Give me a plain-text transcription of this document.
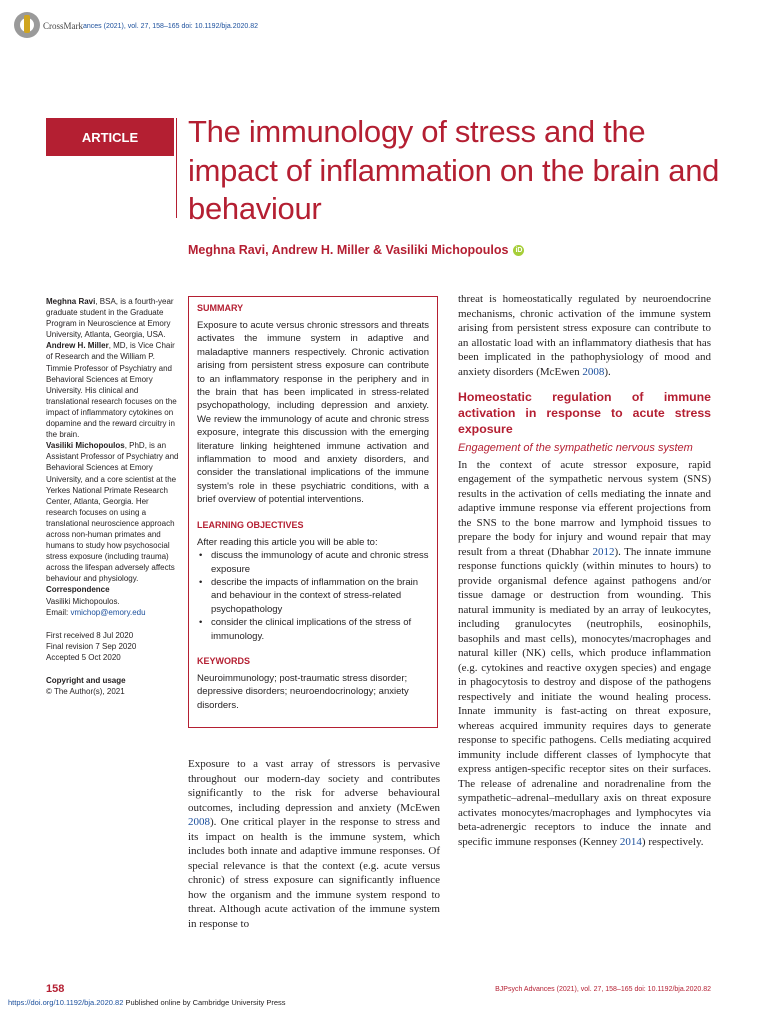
CrossMark ances (2021), vol. 27, 158–165 doi: 10.1192/bja.2020.82
ARTICLE	The immunology of stress and the impact of inflammation on the brain and behaviour
Meghna Ravi, Andrew H. Miller & Vasiliki Michopoulos iD

Meghna Ravi, BSA, is a fourth-year graduate student in the Graduate Program in Neuroscience at Emory University, Atlanta, Georgia, USA.

Andrew H. Miller, MD, is Vice Chair of Research and the William P. Timmie Professor of Psychiatry and Behavioral Sciences at Emory University. His clinical and translational research focuses on the impact of inflammatory cytokines on dopamine and the reward circuitry in the brain.

Vasiliki Michopoulos, PhD, is an Assistant Professor of Psychiatry and Behavioral Sciences at Emory University, and a core scientist at the Yerkes National Primate Research Center, Atlanta, Georgia. Her research focuses on using a translational neuroscience approach across non-human primates and humans to study how psychosocial stress exposure (including trauma) across the lifespan adversely affects behaviour and physiology.

Correspondence

Vasiliki Michopoulos.

Email: vmichop@emory.edu

First received 8 Jul 2020

Final revision 7 Sep 2020

Accepted 5 Oct 2020

Copyright and usage

© The Author(s), 2021

SUMMARY

Exposure to acute versus chronic stressors and threats activates the immune system in adaptive and maladaptive manners respectively. Chronic activation arising from persistent stress exposure can contribute to an inflammatory response in the periphery and in the brain that has been implicated in stress-related psychopathology, including depression and anxiety. We review the immunology of acute and chronic stress exposure, integrate this discussion with the emerging literature linking heightened immune activation and inflammation to mood and anxiety disorders, and consider the translational implications of the immune system's role in these psychiatric conditions, with a brief overview of potential interventions.

LEARNING OBJECTIVES

After reading this article you will be able to:

• discuss the immunology of acute and chronic stress exposure
• describe the impacts of inflammation on the brain and behaviour in the context of stress-related psychopathology
• consider the clinical implications of the stress of immunology.
KEYWORDS

Neuroimmunology; post-traumatic stress disorder; depressive disorders; neuroendocrinology; anxiety disorders.

Exposure to a vast array of stressors is pervasive throughout our modern-day society and contributes significantly to the risk for adverse behavioural outcomes, including depression and anxiety (McEwen 2008). One critical player in the response to stress and its impact on health is the immune system, which includes both innate and adaptive immune responses. Of special relevance is that the context (e.g. acute versus chronic) of stress exposure can significantly influence how the organism and the immune system respond to threat. Although acute activation of the immune system in response to

threat is homeostatically regulated by neuroendocrine mechanisms, chronic activation of the immune system arising from persistent stress exposure can contribute to an allostatic load with an inflammatory diathesis that has been implicated in the pathophysiology of mood and anxiety disorders (McEwen 2008).

Homeostatic regulation of immune activation in response to acute stress exposure

Engagement of the sympathetic nervous system

In the context of acute stressor exposure, rapid engagement of the sympathetic nervous system (SNS) results in the activation of cells mediating the innate and adaptive immune response via efferent projections from the SNS to the bone marrow and lymphoid tissues to prepare the body for injury and wound repair that may result from a threat (Dhabhar 2012). The innate immune response functions quickly (within minutes to hours) to provide organismal defence against pathogens and/or tissue damage or destruction from wounding. This natural immunity is mediated by an array of leukocytes, including granulocytes (neutrophils, eosinophils, basophils and mast cells), monocytes/macrophages and natural killer (NK) cells, which produce inflammation (e.g. cytokines and reactive oxygen species) and engage in phagocytosis to destroy and dispose of the pathogens respectively and initiate the wound healing process. Innate immunity is fast-acting on threat exposure, whereas acquired immunity requires days to generate response to specific pathogens. Cells mediating acquired immunity include different classes of lymphocyte that express antigen-specific receptor sites on their surfaces. The release of adrenaline and noradrenaline from the sympathetic–adrenal–medullary axis on threat exposure activates monocytes/macrophages and lymphocytes via beta-adrenergic receptors to induce the innate and specific immune responses (Kenney 2014) respectively.

158	BJPsych Advances (2021), vol. 27, 158–165 doi: 10.1192/bja.2020.82
https://doi.org/10.1192/bja.2020.82 Published online by Cambridge University Press
